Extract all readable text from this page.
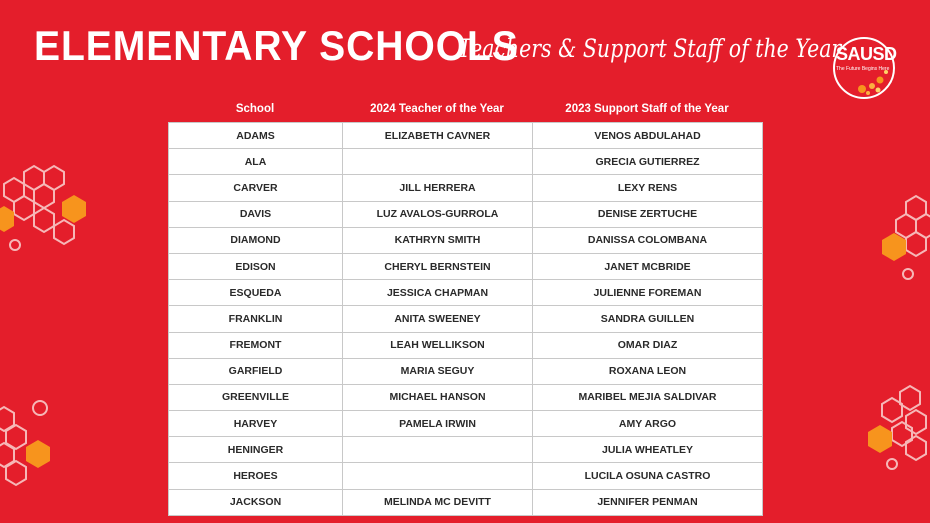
ELEMENTARY SCHOOLS
Teachers & Support Staff of the Year
SAUSD
The Future Begins Here
School	2024 Teacher of the Year	2023 Support Staff of the Year
ADAMS	ELIZABETH CAVNER	VENOS ABDULAHAD
ALA		GRECIA GUTIERREZ
CARVER	JILL HERRERA	LEXY RENS
DAVIS	LUZ AVALOS-GURROLA	DENISE ZERTUCHE
DIAMOND	KATHRYN SMITH	DANISSA COLOMBANA
EDISON	CHERYL BERNSTEIN	JANET MCBRIDE
ESQUEDA	JESSICA CHAPMAN	JULIENNE FOREMAN
FRANKLIN	ANITA SWEENEY	SANDRA GUILLEN
FREMONT	LEAH WELLIKSON	OMAR DIAZ
GARFIELD	MARIA SEGUY	ROXANA LEON
GREENVILLE	MICHAEL HANSON	MARIBEL MEJIA SALDIVAR
HARVEY	PAMELA IRWIN	AMY ARGO
HENINGER		JULIA WHEATLEY
HEROES		LUCILA OSUNA CASTRO
JACKSON	MELINDA MC DEVITT	JENNIFER PENMAN
